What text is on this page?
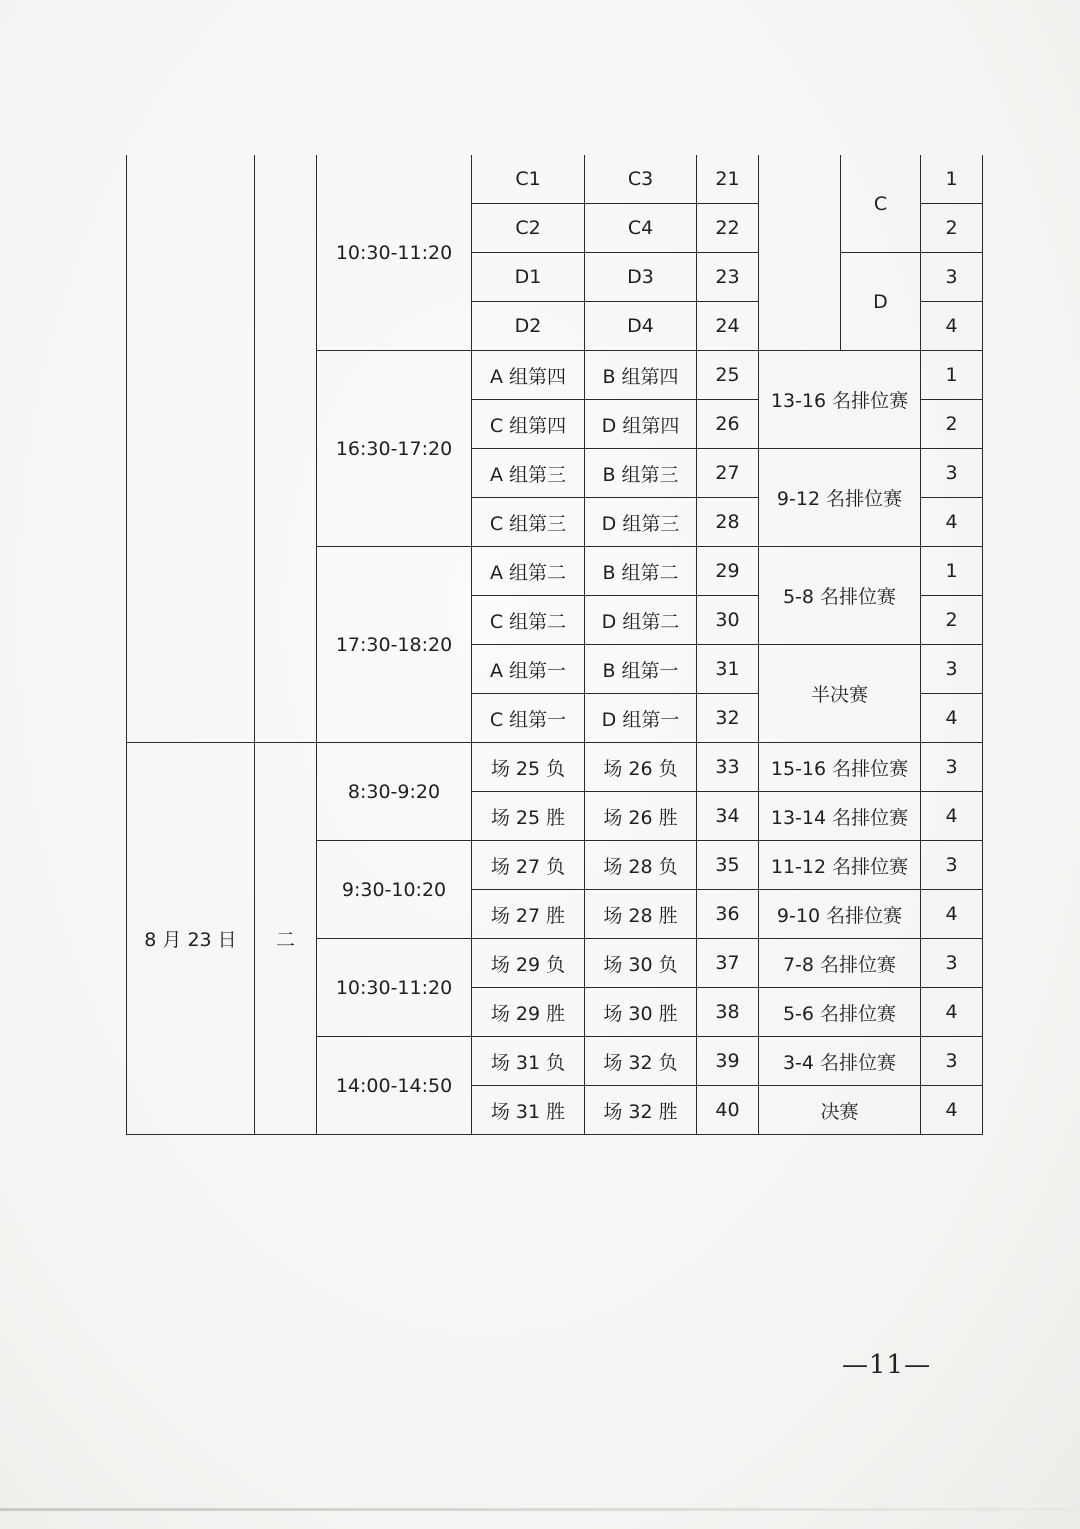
		10:30-11:20	C1	C3	21		C	1
			C2	C4	22			2
			D1	D3	23		D	3
			D2	D4	24			4
		16:30-17:20	A 组第四	B 组第四	25	13-16 名排位赛		1
			C 组第四	D 组第四	26			2
			A 组第三	B 组第三	27	9-12 名排位赛		3
			C 组第三	D 组第三	28			4
		17:30-18:20	A 组第二	B 组第二	29	5-8 名排位赛		1
			C 组第二	D 组第二	30			2
			A 组第一	B 组第一	31	半决赛		3
			C 组第一	D 组第一	32			4
8 月 23 日	二	8:30-9:20	场 25 负	场 26 负	33	15-16 名排位赛		3
			场 25 胜	场 26 胜	34	13-14 名排位赛		4
		9:30-10:20	场 27 负	场 28 负	35	11-12 名排位赛		3
			场 27 胜	场 28 胜	36	9-10 名排位赛		4
		10:30-11:20	场 29 负	场 30 负	37	7-8 名排位赛		3
			场 29 胜	场 30 胜	38	5-6 名排位赛		4
		14:00-14:50	场 31 负	场 32 负	39	3-4 名排位赛		3
			场 31 胜	场 32 胜	40	决赛		4
—11—
